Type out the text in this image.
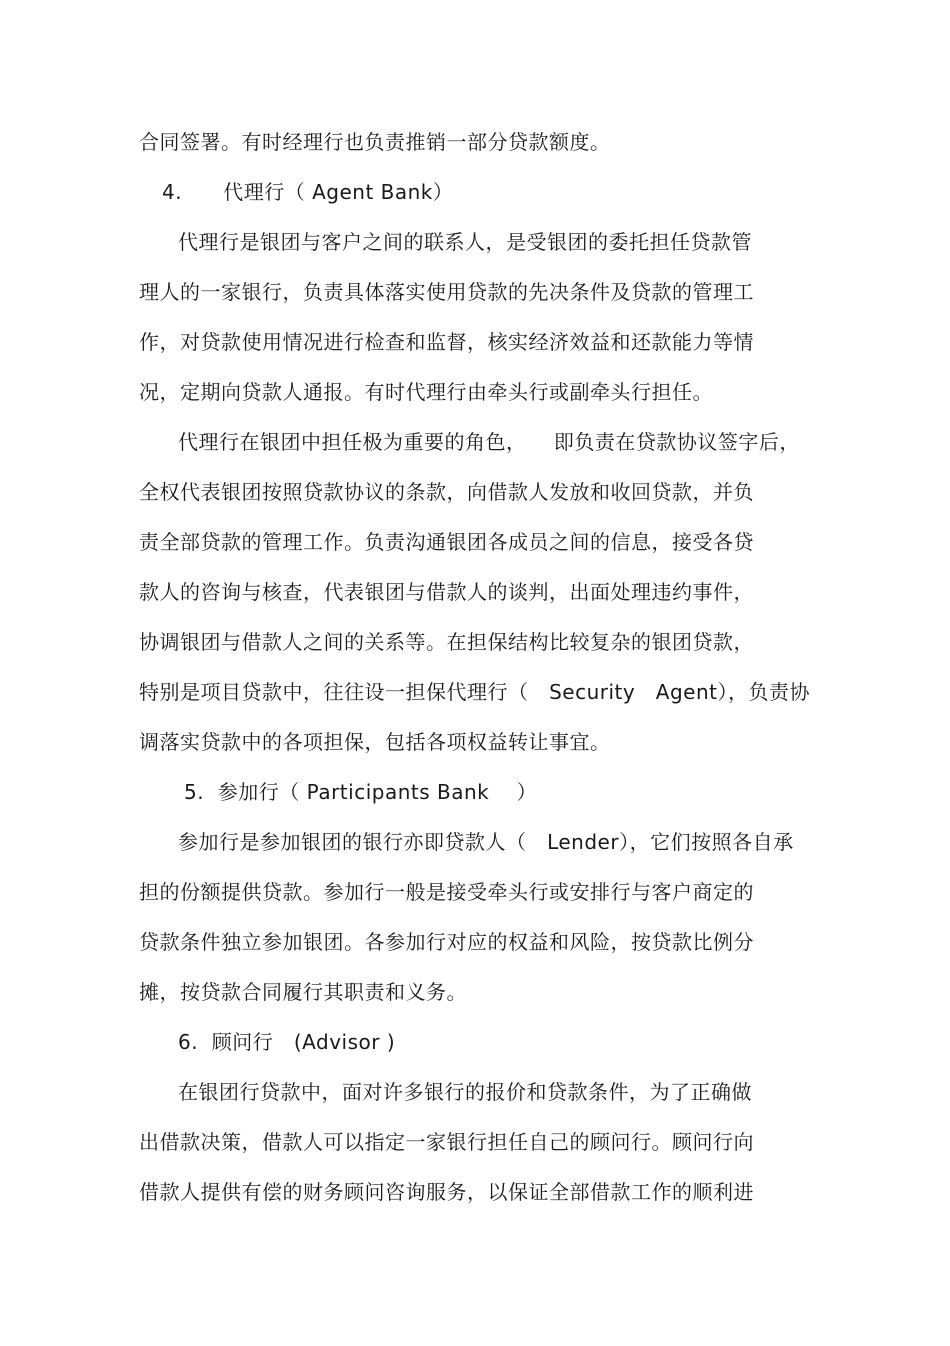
合同签署。有时经理行也负责推销一部分贷款额度。
4.      代理行（ Agent Bank）
代理行是银团与客户之间的联系人，是受银团的委托担任贷款管
理人的一家银行，负责具体落实使用贷款的先决条件及贷款的管理工
作，对贷款使用情况进行检查和监督，核实经济效益和还款能力等情
况，定期向贷款人通报。有时代理行由牵头行或副牵头行担任。
代理行在银团中担任极为重要的角色，    即负责在贷款协议签字后，
全权代表银团按照贷款协议的条款，向借款人发放和收回贷款，并负
责全部贷款的管理工作。负责沟通银团各成员之间的信息，接受各贷
款人的咨询与核查，代表银团与借款人的谈判，出面处理违约事件，
协调银团与借款人之间的关系等。在担保结构比较复杂的银团贷款，
特别是项目贷款中，往往设一担保代理行（   Security   Agent），负责协
调落实贷款中的各项担保，包括各项权益转让事宜。
5.  参加行（ Participants Bank    ）
参加行是参加银团的银行亦即贷款人（   Lender），它们按照各自承
担的份额提供贷款。参加行一般是接受牵头行或安排行与客户商定的
贷款条件独立参加银团。各参加行对应的权益和风险，按贷款比例分
摊，按贷款合同履行其职责和义务。
6.  顾问行   (Advisor )
在银团行贷款中，面对许多银行的报价和贷款条件，为了正确做
出借款决策，借款人可以指定一家银行担任自己的顾问行。顾问行向
借款人提供有偿的财务顾问咨询服务，以保证全部借款工作的顺利进
